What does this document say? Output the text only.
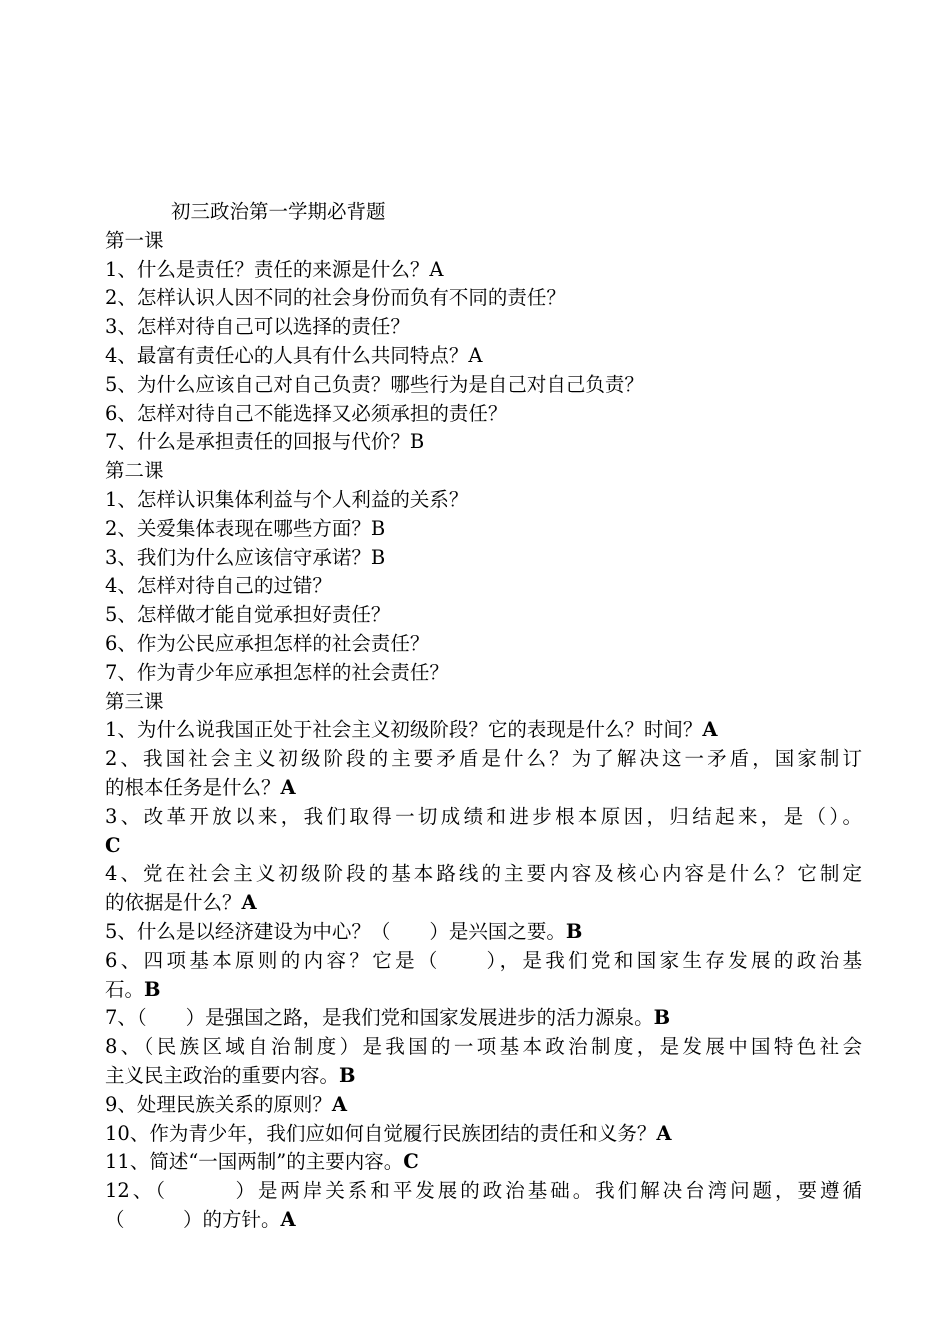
初三政治第一学期必背题
第一课
1、什么是责任？责任的来源是什么？A
2、怎样认识人因不同的社会身份而负有不同的责任？
3、怎样对待自己可以选择的责任？
4、最富有责任心的人具有什么共同特点？A
5、为什么应该自己对自己负责？哪些行为是自己对自己负责？
6、怎样对待自己不能选择又必须承担的责任？
7、什么是承担责任的回报与代价？B
第二课
1、怎样认识集体利益与个人利益的关系？
2、关爱集体表现在哪些方面？B
3、我们为什么应该信守承诺？B
4、怎样对待自己的过错？
5、怎样做才能自觉承担好责任？
6、作为公民应承担怎样的社会责任？
7、作为青少年应承担怎样的社会责任？
第三课
1、为什么说我国正处于社会主义初级阶段？它的表现是什么？时间？A
2、我国社会主义初级阶段的主要矛盾是什么？为了解决这一矛盾，国家制订
的根本任务是什么？A
3、改革开放以来，我们取得一切成绩和进步根本原因，归结起来，是（）。
C
4、党在社会主义初级阶段的基本路线的主要内容及核心内容是什么？它制定
的依据是什么？A
5、什么是以经济建设为中心？（　　）是兴国之要。B
6、四项基本原则的内容？它是（　　），是我们党和国家生存发展的政治基
石。B
7、（　　）是强国之路，是我们党和国家发展进步的活力源泉。B
8、（民族区域自治制度）是我国的一项基本政治制度，是发展中国特色社会
主义民主政治的重要内容。B
9、处理民族关系的原则？A
10、作为青少年，我们应如何自觉履行民族团结的责任和义务？A
11、简述“一国两制”的主要内容。C
12、（　　　）是两岸关系和平发展的政治基础。我们解决台湾问题，要遵循
（　　　）的方针。A
